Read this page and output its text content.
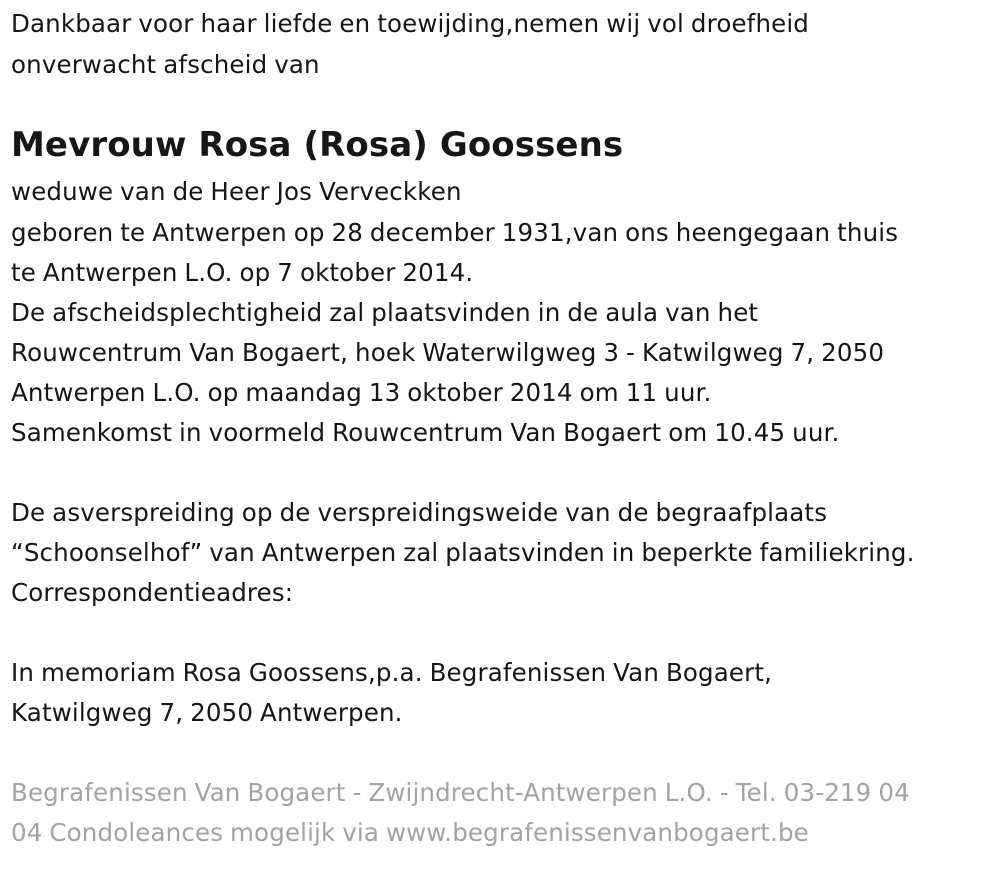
Dankbaar voor haar liefde en toewijding,nemen wij vol droefheid
onverwacht afscheid van
Mevrouw Rosa (Rosa) Goossens
weduwe van de Heer Jos Verveckken
geboren te Antwerpen op 28 december 1931,van ons heengegaan thuis
te Antwerpen L.O. op 7 oktober 2014.
De afscheidsplechtigheid zal plaatsvinden in de aula van het
Rouwcentrum Van Bogaert, hoek Waterwilgweg 3 - Katwilgweg 7, 2050
Antwerpen L.O. op maandag 13 oktober 2014 om 11 uur.
Samenkomst in voormeld Rouwcentrum Van Bogaert om 10.45 uur.
De asverspreiding op de verspreidingsweide van de begraafplaats
“Schoonselhof” van Antwerpen zal plaatsvinden in beperkte familiekring.
Correspondentieadres:
In memoriam Rosa Goossens,p.a. Begrafenissen Van Bogaert,
Katwilgweg 7, 2050 Antwerpen.
Begrafenissen Van Bogaert - Zwijndrecht-Antwerpen L.O. - Tel. 03-219 04
04 Condoleances mogelijk via www.begrafenissenvanbogaert.be
